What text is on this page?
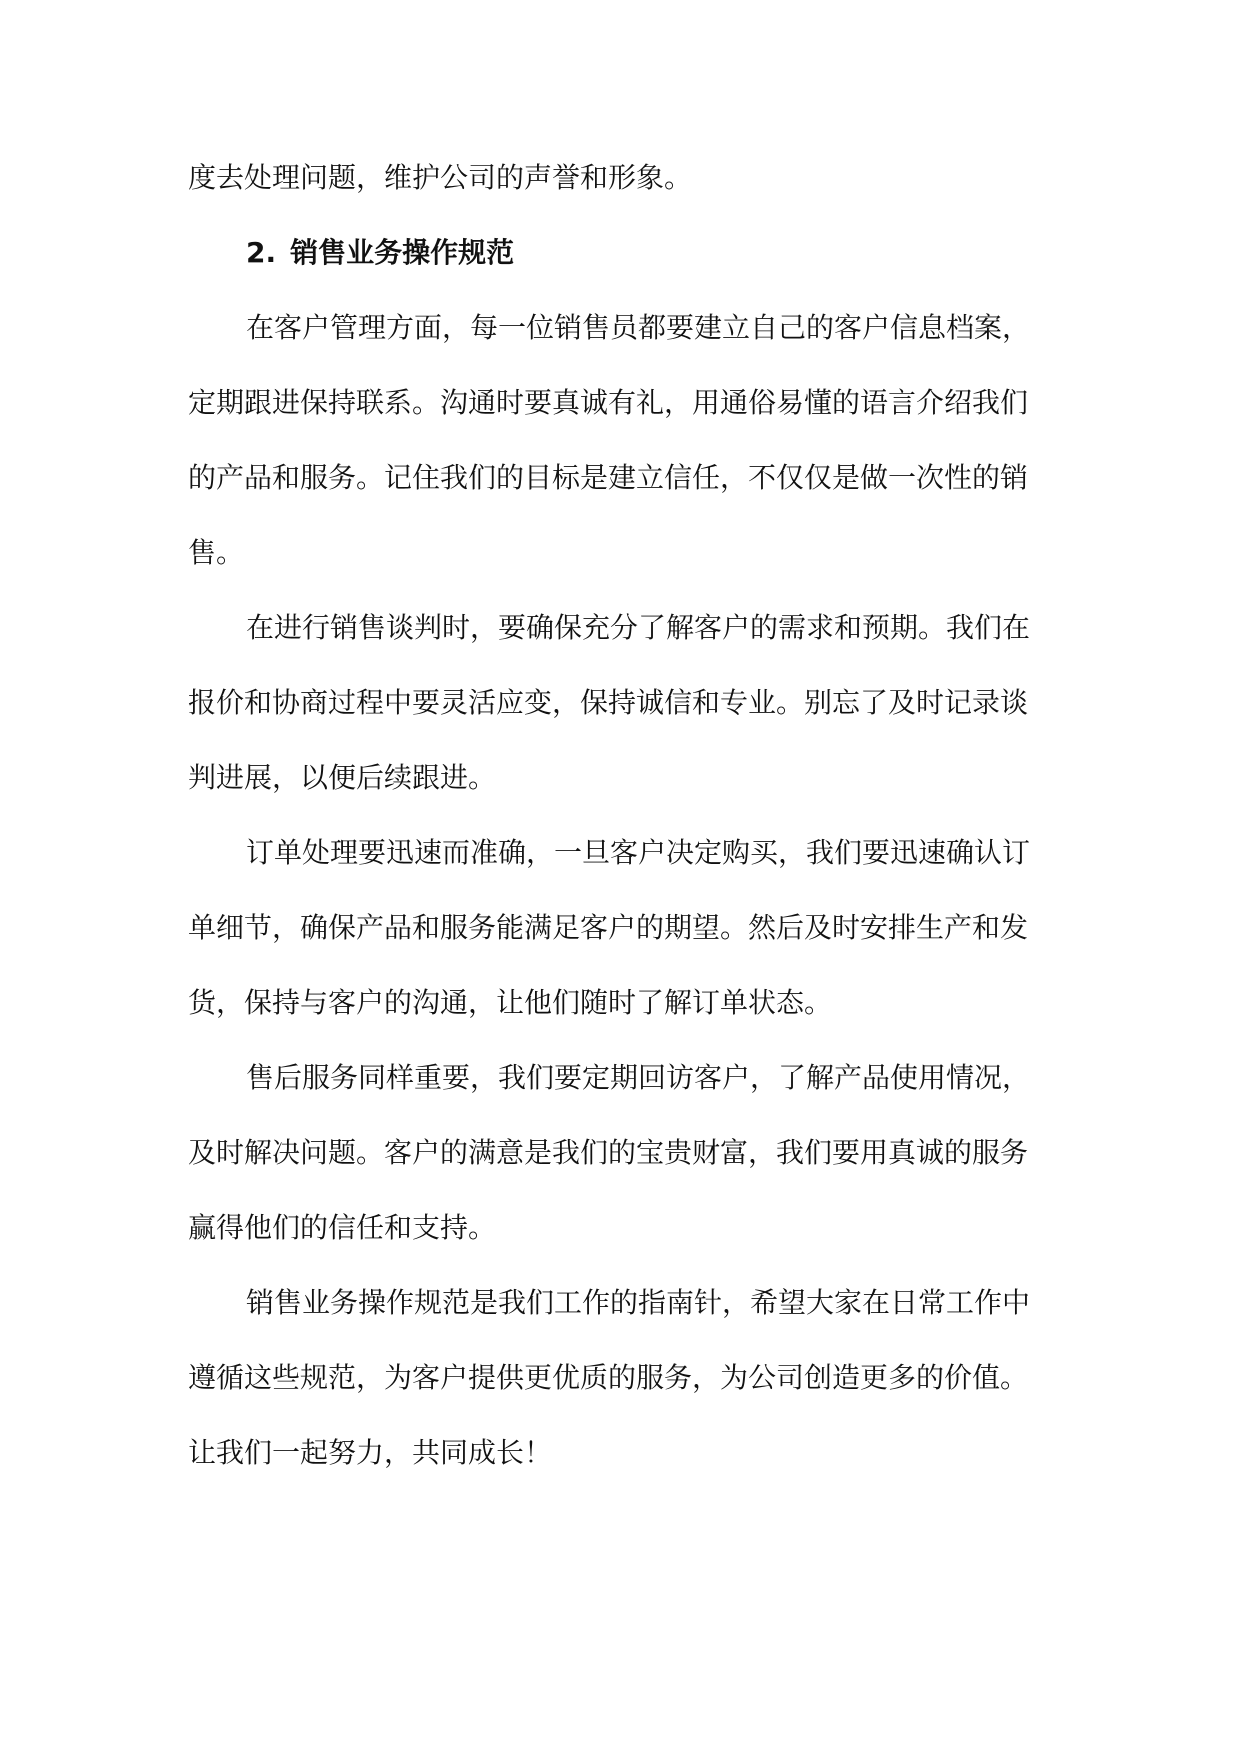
度去处理问题，维护公司的声誉和形象。
2. 销售业务操作规范
在客户管理方面，每一位销售员都要建立自己的客户信息档案，
定期跟进保持联系。沟通时要真诚有礼，用通俗易懂的语言介绍我们
的产品和服务。记住我们的目标是建立信任，不仅仅是做一次性的销
售。
在进行销售谈判时，要确保充分了解客户的需求和预期。我们在
报价和协商过程中要灵活应变，保持诚信和专业。别忘了及时记录谈
判进展，以便后续跟进。
订单处理要迅速而准确，一旦客户决定购买，我们要迅速确认订
单细节，确保产品和服务能满足客户的期望。然后及时安排生产和发
货，保持与客户的沟通，让他们随时了解订单状态。
售后服务同样重要，我们要定期回访客户，了解产品使用情况，
及时解决问题。客户的满意是我们的宝贵财富，我们要用真诚的服务
赢得他们的信任和支持。
销售业务操作规范是我们工作的指南针，希望大家在日常工作中
遵循这些规范，为客户提供更优质的服务，为公司创造更多的价值。
让我们一起努力，共同成长！
